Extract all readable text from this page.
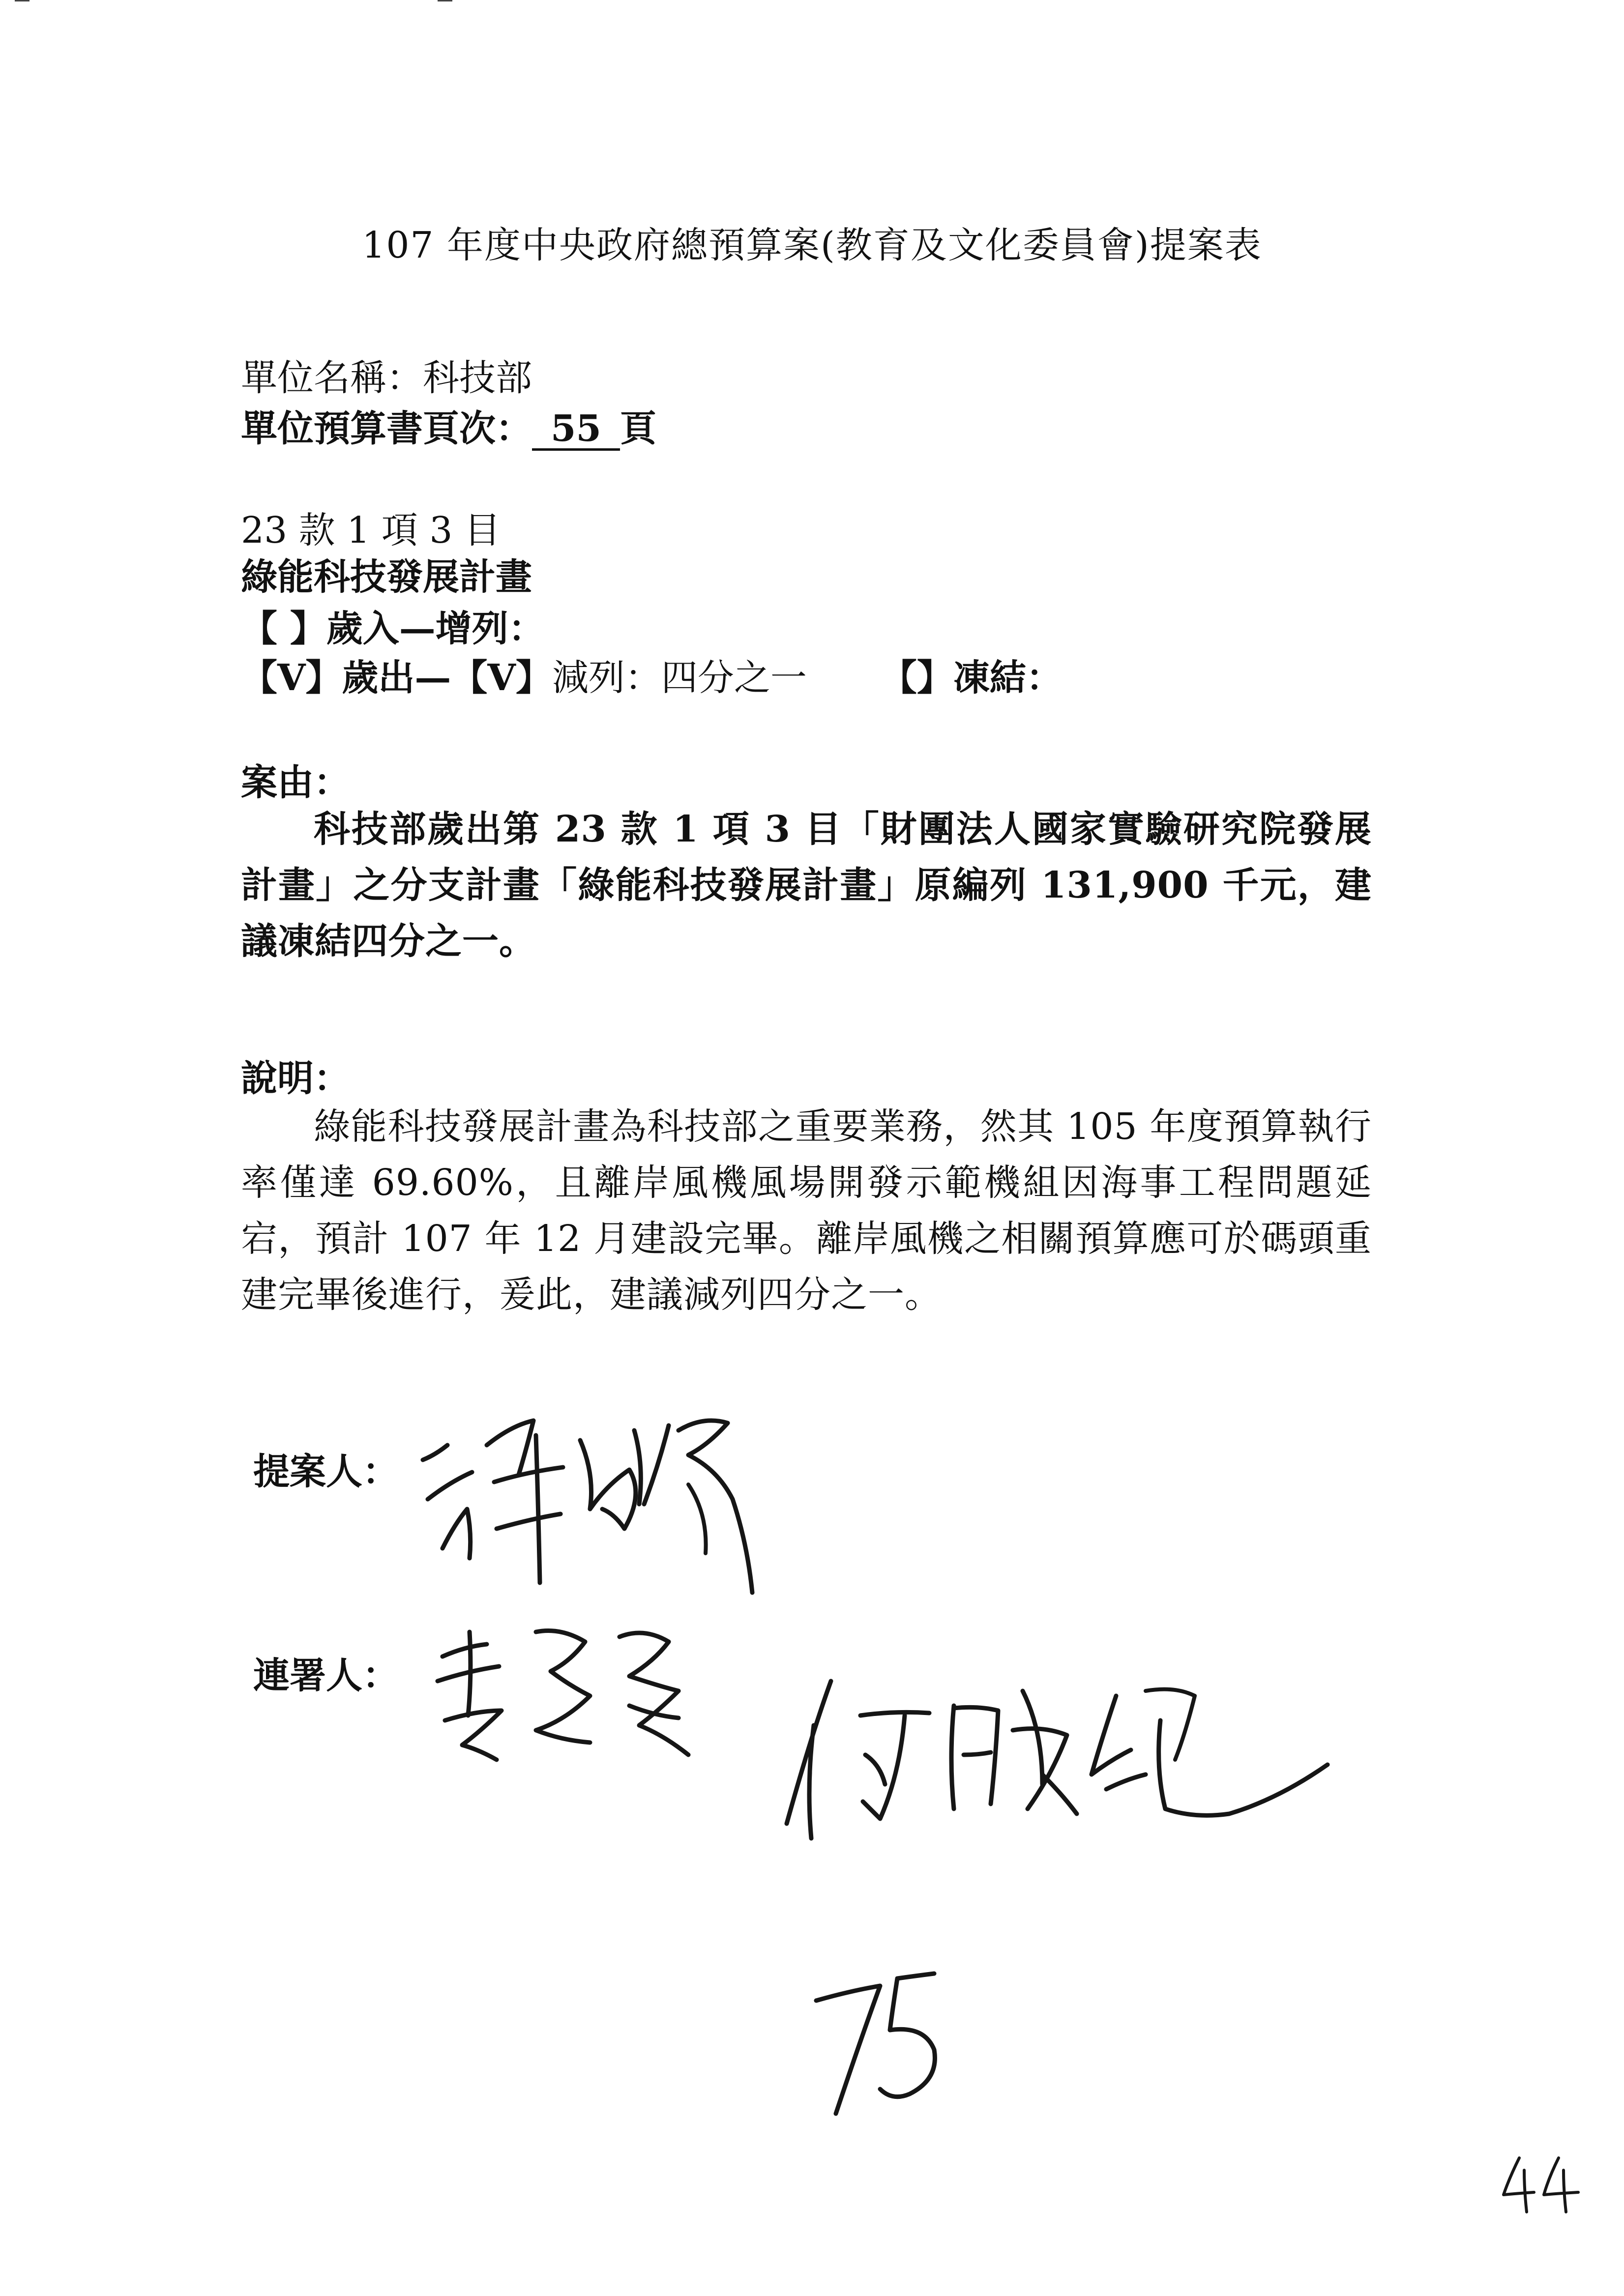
107 年度中央政府總預算案(教育及文化委員會)提案表
單位名稱：科技部
單位預算書頁次： 55 頁
23 款 1 項 3 目
綠能科技發展計畫
【 】歲入—增列：
【V】歲出—【V】減列：四分之一 【】凍結：
案由：
科技部歲出第 23 款 1 項 3 目「財團法人國家實驗研究院發展計畫」之分支計畫「綠能科技發展計畫」原編列 131,900 千元，建議凍結四分之一。
說明：
綠能科技發展計畫為科技部之重要業務，然其 105 年度預算執行率僅達 69.60%，且離岸風機風場開發示範機組因海事工程問題延宕，預計 107 年 12 月建設完畢。離岸風機之相關預算應可於碼頭重建完畢後進行，爰此，建議減列四分之一。
提案人：
連署人：
